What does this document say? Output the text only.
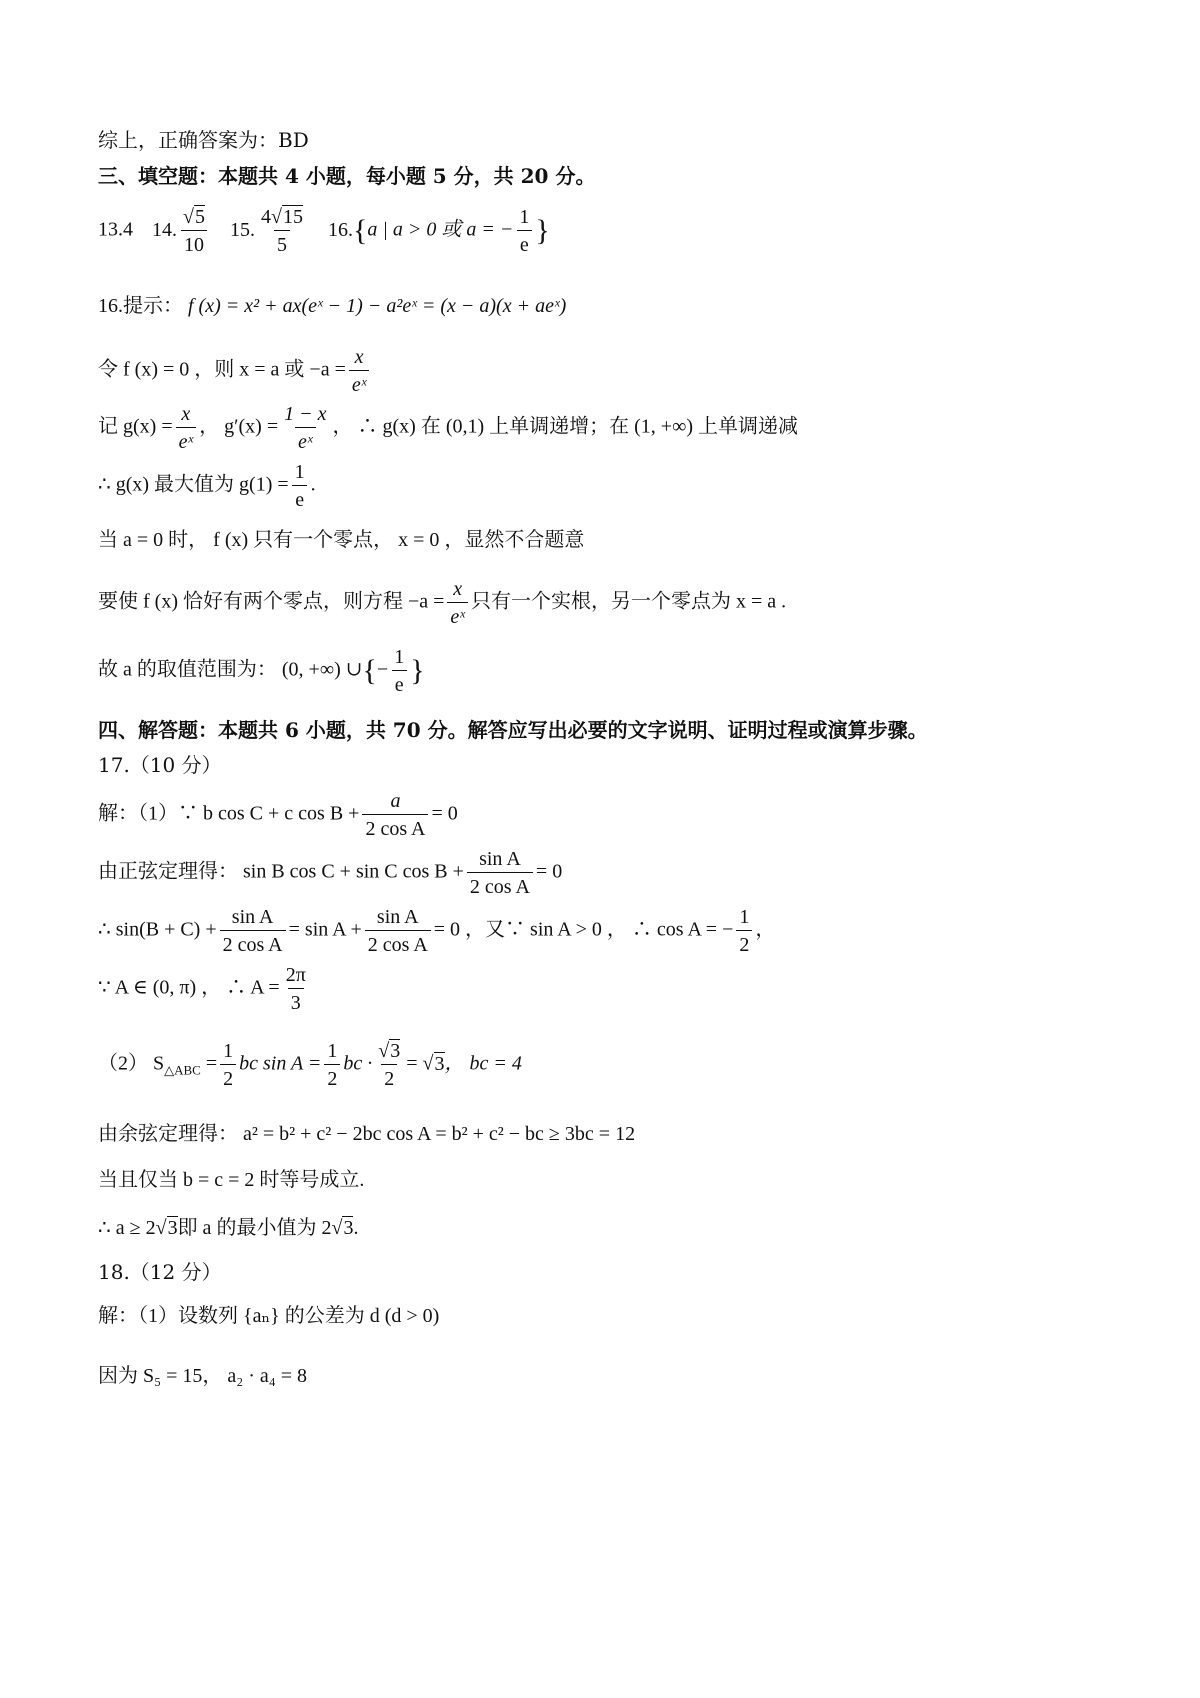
综上，正确答案为：BD
三、填空题：本题共 4 小题，每小题 5 分，共 20 分。
13.4 14. $\frac{√5}{10} 15$. $\frac{4√15}{5} 16.\{a$ | a > 0 或 a = − $\frac{1}{e}$ }
16.提示： f (x) = x² + ax(eˣ − 1) − a²eˣ = (x − a)(x + aeˣ)
令 f (x) = 0 ，则 x = a 或 $-a = \frac{x}{\text{eˣ}}$
记 $g(x) = \frac{x}{\text{eˣ}}$ ， $g'(x) = \frac{1 - x}{\text{eˣ}}$ ， ∴ g(x) 在 (0,1) 上单调递增；在 (1, +∞) 上单调递减
∴ g(x) 最大值为 $g(1) = \frac{1}{e}$ .
当 a = 0 时， f (x) 只有一个零点， x = 0 ，显然不合题意
要使 f (x) 恰好有两个零点，则方程 $-a = \frac{x}{\text{eˣ}}$ 只有一个实根，另一个零点为 x = a .
故 a 的取值范围为： (0, +∞) ∪{− $\frac{1}{e}$ }
四、解答题：本题共 6 小题，共 70 分。解答应写出必要的文字说明、证明过程或演算步骤。
17.（10 分）
解：（1）∵ b cos C + c $\cos B + \frac{a}{\text{2 cos A}} = 0$
由正弦定理得： sin B cos C + sin C $\cos B + \frac{\text{sin A}}{\text{2 cos A}} = 0$
∴ $\sin(B + C) + \frac{\text{sin A}}{\text{2 cos A}} = \sin A + \frac{\text{sin A}}{\text{2 cos A}} = 0$ ，又∵ sin A > 0 ， ∴ cos A = − $\frac{1}{2}$ ，
∵ A ∈ (0, π) ， ∴ $A = \frac{2\pi}{3}$
（2） $S_{\triangle ABC} = \frac{1}{2}$ bc $\sin A = \frac{1}{2}$ bc · $\frac{√3}{2} = √3$， bc = 4
由余弦定理得： a² = b² + c² − 2bc cos A = b² + c² − bc ≥ 3bc = 12
当且仅当 b = c = 2 时等号成立.
∴ a ≥ 2√3即 a 的最小值为 2√3.
18.（12 分）
解：（1）设数列 {aₙ} 的公差为 d (d > 0)
因为 S₅ = 15， a₂ · a₄ = 8
